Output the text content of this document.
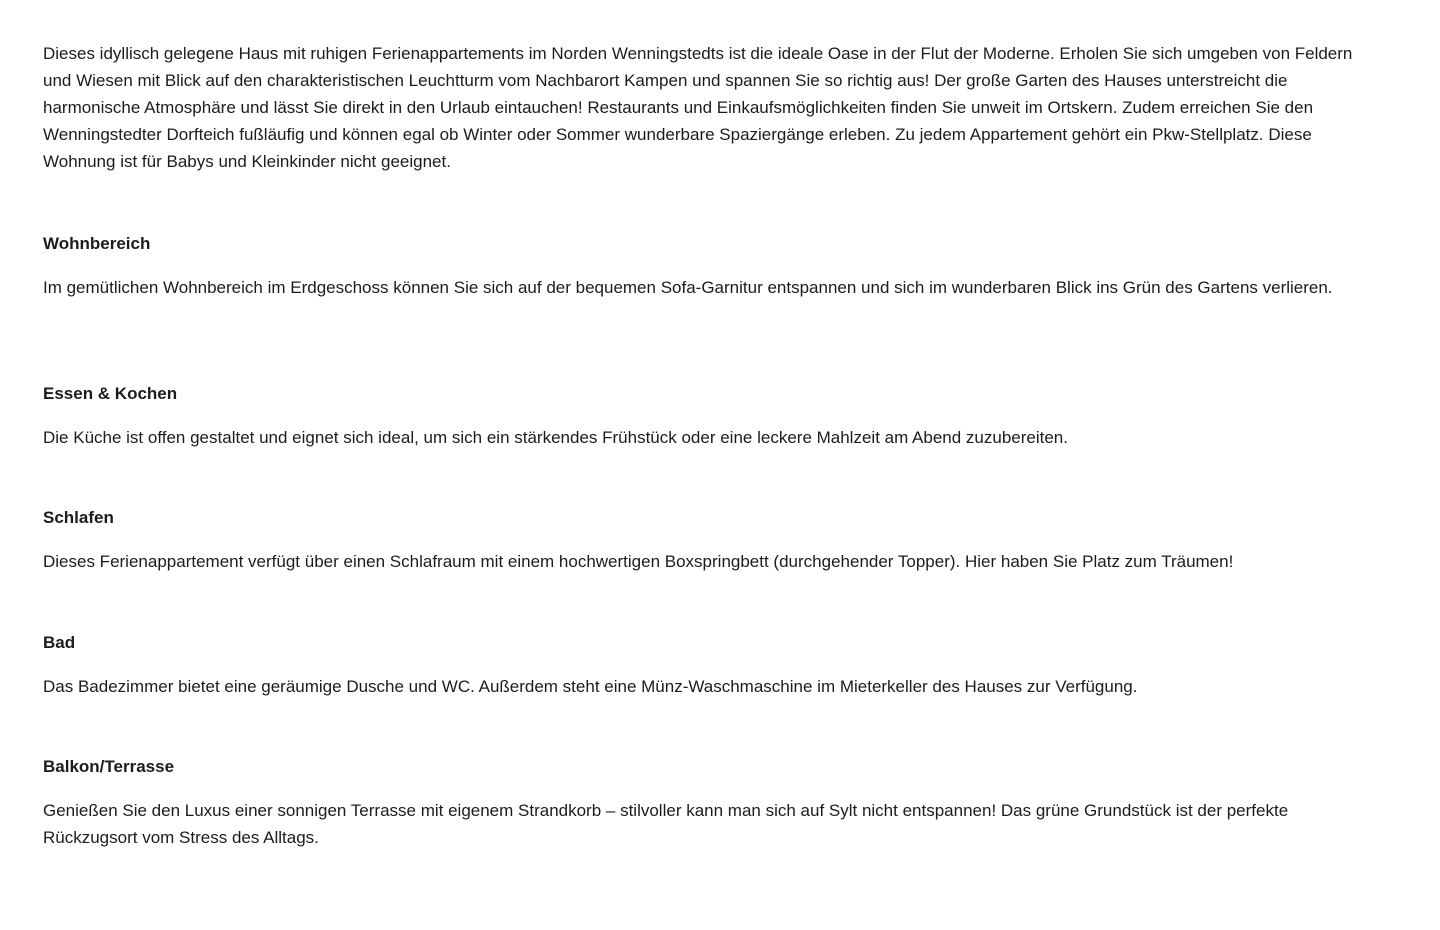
Dieses idyllisch gelegene Haus mit ruhigen Ferienappartements im Norden Wenningstedts ist die ideale Oase in der Flut der Moderne. Erholen Sie sich umgeben von Feldern und Wiesen mit Blick auf den charakteristischen Leuchtturm vom Nachbarort Kampen und spannen Sie so richtig aus! Der große Garten des Hauses unterstreicht die harmonische Atmosphäre und lässt Sie direkt in den Urlaub eintauchen! Restaurants und Einkaufsmöglichkeiten finden Sie unweit im Ortskern. Zudem erreichen Sie den Wenningstedter Dorfteich fußläufig und können egal ob Winter oder Sommer wunderbare Spaziergänge erleben. Zu jedem Appartement gehört ein Pkw-Stellplatz. Diese Wohnung ist für Babys und Kleinkinder nicht geeignet.

Wohnbereich

Im gemütlichen Wohnbereich im Erdgeschoss können Sie sich auf der bequemen Sofa-Garnitur entspannen und sich im wunderbaren Blick ins Grün des Gartens verlieren.

Essen & Kochen

Die Küche ist offen gestaltet und eignet sich ideal, um sich ein stärkendes Frühstück oder eine leckere Mahlzeit am Abend zuzubereiten.

Schlafen

Dieses Ferienappartement verfügt über einen Schlafraum mit einem hochwertigen Boxspringbett (durchgehender Topper). Hier haben Sie Platz zum Träumen!

Bad

Das Badezimmer bietet eine geräumige Dusche und WC. Außerdem steht eine Münz-Waschmaschine im Mieterkeller des Hauses zur Verfügung.

Balkon/Terrasse

Genießen Sie den Luxus einer sonnigen Terrasse mit eigenem Strandkorb – stilvoller kann man sich auf Sylt nicht entspannen! Das grüne Grundstück ist der perfekte Rückzugsort vom Stress des Alltags.
